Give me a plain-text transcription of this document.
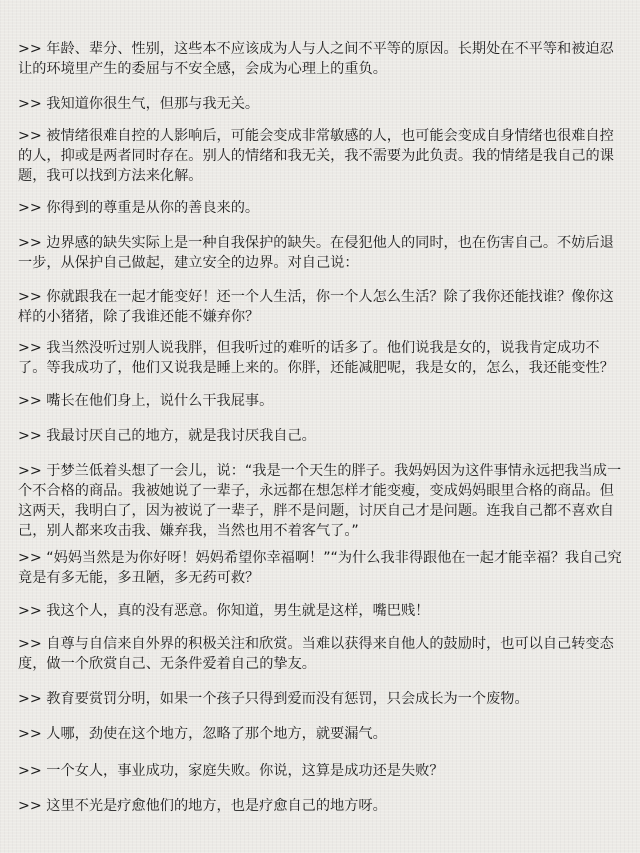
>> 年龄、辈分、性别，这些本不应该成为人与人之间不平等的原因。长期处在不平等和被迫忍让的环境里产生的委屈与不安全感，会成为心理上的重负。

>> 我知道你很生气，但那与我无关。

>> 被情绪很难自控的人影响后，可能会变成非常敏感的人，也可能会变成自身情绪也很难自控的人，抑或是两者同时存在。别人的情绪和我无关，我不需要为此负责。我的情绪是我自己的课题，我可以找到方法来化解。

>> 你得到的尊重是从你的善良来的。

>> 边界感的缺失实际上是一种自我保护的缺失。在侵犯他人的同时，也在伤害自己。不妨后退一步，从保护自己做起，建立安全的边界。对自己说：

>> 你就跟我在一起才能变好！还一个人生活，你一个人怎么生活？除了我你还能找谁？像你这样的小猪猪，除了我谁还能不嫌弃你？

>> 我当然没听过别人说我胖，但我听过的难听的话多了。他们说我是女的，说我肯定成功不了。等我成功了，他们又说我是睡上来的。你胖，还能减肥呢，我是女的，怎么，我还能变性？

>> 嘴长在他们身上，说什么干我屁事。

>> 我最讨厌自己的地方，就是我讨厌我自己。

>> 于梦兰低着头想了一会儿，说：“我是一个天生的胖子。我妈妈因为这件事情永远把我当成一个不合格的商品。我被她说了一辈子，永远都在想怎样才能变瘦，变成妈妈眼里合格的商品。但这两天，我明白了，因为被说了一辈子，胖不是问题，讨厌自己才是问题。连我自己都不喜欢自己，别人都来攻击我、嫌弃我，当然也用不着客气了。”

>> “妈妈当然是为你好呀！妈妈希望你幸福啊！”“为什么我非得跟他在一起才能幸福？我自己究竟是有多无能，多丑陋，多无药可救？

>> 我这个人，真的没有恶意。你知道，男生就是这样，嘴巴贱！

>> 自尊与自信来自外界的积极关注和欣赏。当难以获得来自他人的鼓励时，也可以自己转变态度，做一个欣赏自己、无条件爱着自己的挚友。

>> 教育要赏罚分明，如果一个孩子只得到爱而没有惩罚，只会成长为一个废物。

>> 人哪，劲使在这个地方，忽略了那个地方，就要漏气。

>> 一个女人，事业成功，家庭失败。你说，这算是成功还是失败？

>> 这里不光是疗愈他们的地方，也是疗愈自己的地方呀。
